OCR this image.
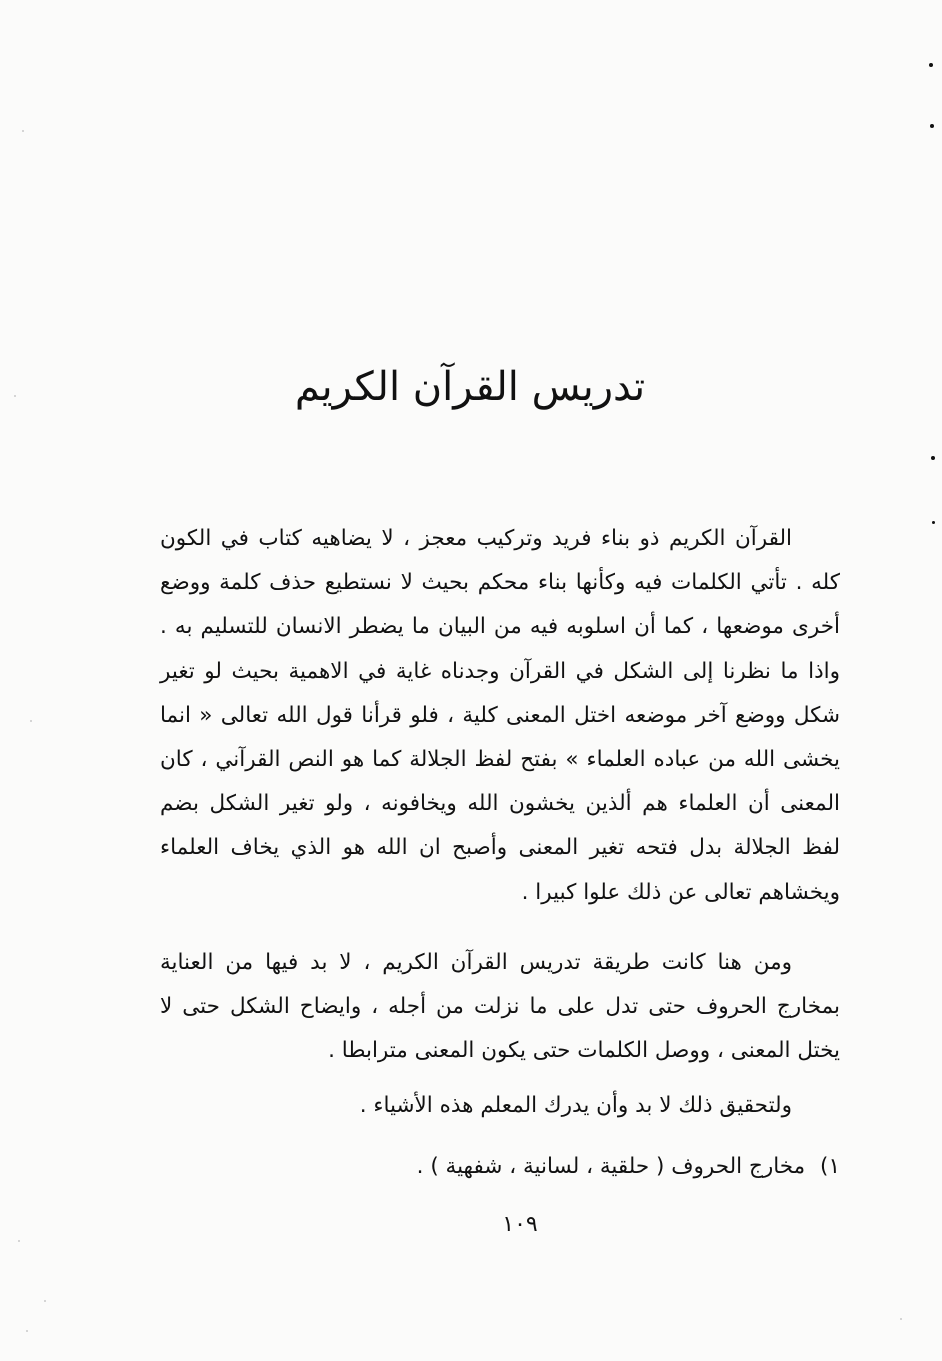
تدريس القرآن الكريم

القرآن الكريم ذو بناء فريد وتركيب معجز ، لا يضاهيه كتاب في الكون كله . تأتي الكلمات فيه وكأنها بناء محكم بحيث لا نستطيع حذف كلمة ووضع أخرى موضعها ، كما أن اسلوبه فيه من البيان ما يضطر الانسان للتسليم به . واذا ما نظرنا إلى الشكل في القرآن وجدناه غاية في الاهمية بحيث لو تغير شكل ووضع آخر موضعه اختل المعنى كلية ، فلو قرأنا قول الله تعالى « انما يخشى الله من عباده العلماء » بفتح لفظ الجلالة كما هو النص القرآني ، كان المعنى أن العلماء هم ألذين يخشون الله ويخافونه ، ولو تغير الشكل بضم لفظ الجلالة بدل فتحه تغير المعنى وأصبح ان الله هو الذي يخاف العلماء ويخشاهم تعالى عن ذلك علوا كبيرا .

ومن هنا كانت طريقة تدريس القرآن الكريم ، لا بد فيها من العناية بمخارج الحروف حتى تدل على ما نزلت من أجله ، وايضاح الشكل حتى لا يختل المعنى ، ووصل الكلمات حتى يكون المعنى مترابطا .

ولتحقيق ذلك لا بد وأن يدرك المعلم هذه الأشياء .

١) مخارج الحروف ( حلقية ، لسانية ، شفهية ) .

١٠٩
